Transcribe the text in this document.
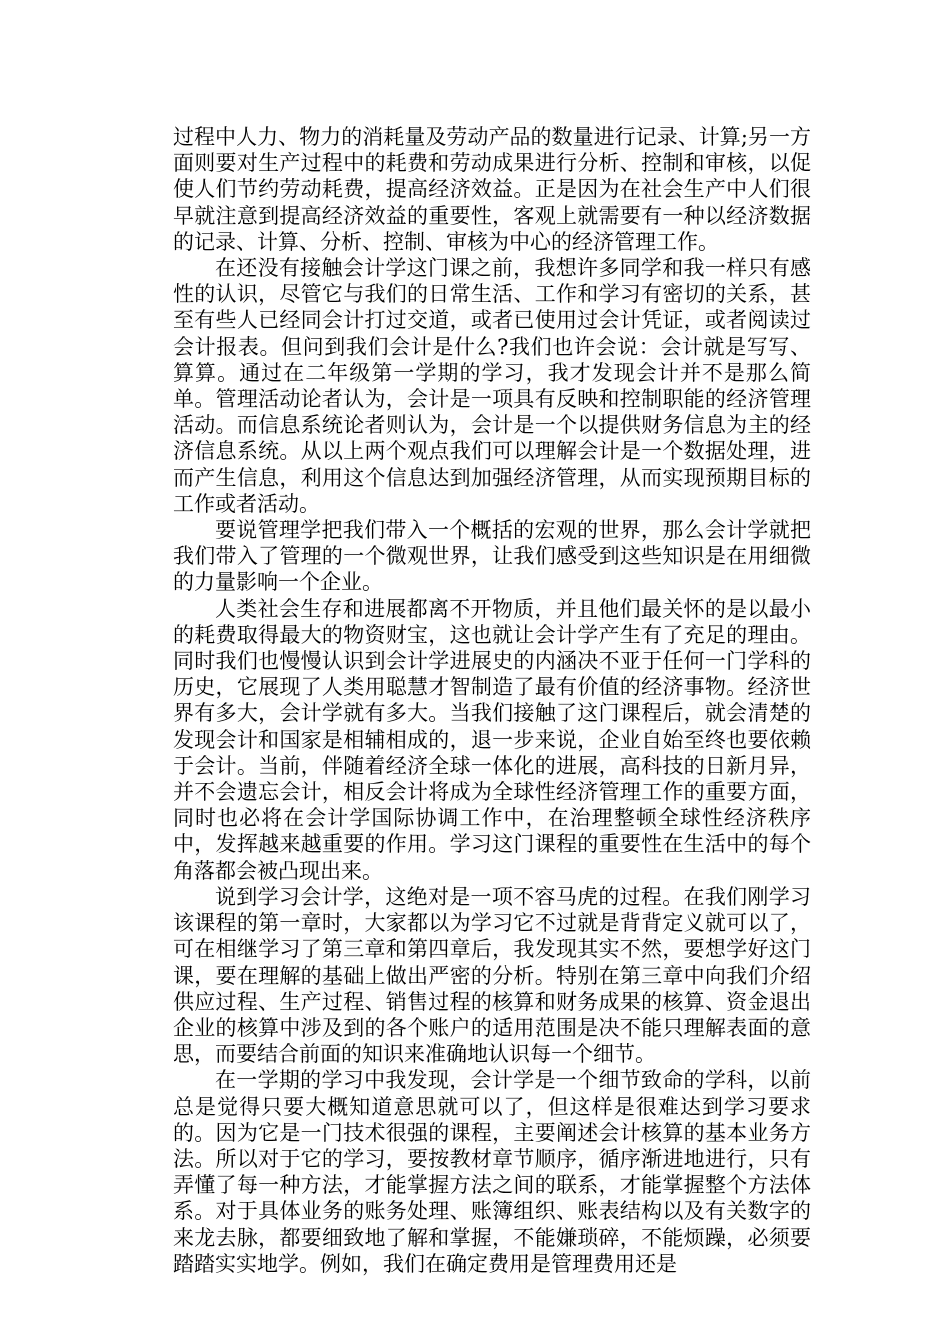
过程中人力、物力的消耗量及劳动产品的数量进行记录、计算;另一方面则要对生产过程中的耗费和劳动成果进行分析、控制和审核，以促使人们节约劳动耗费，提高经济效益。正是因为在社会生产中人们很早就注意到提高经济效益的重要性，客观上就需要有一种以经济数据的记录、计算、分析、控制、审核为中心的经济管理工作。

在还没有接触会计学这门课之前，我想许多同学和我一样只有感性的认识，尽管它与我们的日常生活、工作和学习有密切的关系，甚至有些人已经同会计打过交道，或者已使用过会计凭证，或者阅读过会计报表。但问到我们会计是什么?我们也许会说：会计就是写写、算算。通过在二年级第一学期的学习，我才发现会计并不是那么简单。管理活动论者认为，会计是一项具有反映和控制职能的经济管理活动。而信息系统论者则认为，会计是一个以提供财务信息为主的经济信息系统。从以上两个观点我们可以理解会计是一个数据处理，进而产生信息，利用这个信息达到加强经济管理，从而实现预期目标的工作或者活动。

要说管理学把我们带入一个概括的宏观的世界，那么会计学就把我们带入了管理的一个微观世界，让我们感受到这些知识是在用细微的力量影响一个企业。

人类社会生存和进展都离不开物质，并且他们最关怀的是以最小的耗费取得最大的物资财宝，这也就让会计学产生有了充足的理由。同时我们也慢慢认识到会计学进展史的内涵决不亚于任何一门学科的历史，它展现了人类用聪慧才智制造了最有价值的经济事物。经济世界有多大，会计学就有多大。当我们接触了这门课程后，就会清楚的发现会计和国家是相辅相成的，退一步来说，企业自始至终也要依赖于会计。当前，伴随着经济全球一体化的进展，高科技的日新月异，并不会遗忘会计，相反会计将成为全球性经济管理工作的重要方面，同时也必将在会计学国际协调工作中，在治理整顿全球性经济秩序中，发挥越来越重要的作用。学习这门课程的重要性在生活中的每个角落都会被凸现出来。

说到学习会计学，这绝对是一项不容马虎的过程。在我们刚学习该课程的第一章时，大家都以为学习它不过就是背背定义就可以了，可在相继学习了第三章和第四章后，我发现其实不然，要想学好这门课，要在理解的基础上做出严密的分析。特别在第三章中向我们介绍供应过程、生产过程、销售过程的核算和财务成果的核算、资金退出企业的核算中涉及到的各个账户的适用范围是决不能只理解表面的意思，而要结合前面的知识来准确地认识每一个细节。

在一学期的学习中我发现，会计学是一个细节致命的学科，以前总是觉得只要大概知道意思就可以了，但这样是很难达到学习要求的。因为它是一门技术很强的课程，主要阐述会计核算的基本业务方法。所以对于它的学习，要按教材章节顺序，循序渐进地进行，只有弄懂了每一种方法，才能掌握方法之间的联系，才能掌握整个方法体系。对于具体业务的账务处理、账簿组织、账表结构以及有关数字的来龙去脉，都要细致地了解和掌握，不能嫌琐碎，不能烦躁，必须要踏踏实实地学。例如，我们在确定费用是管理费用还是
